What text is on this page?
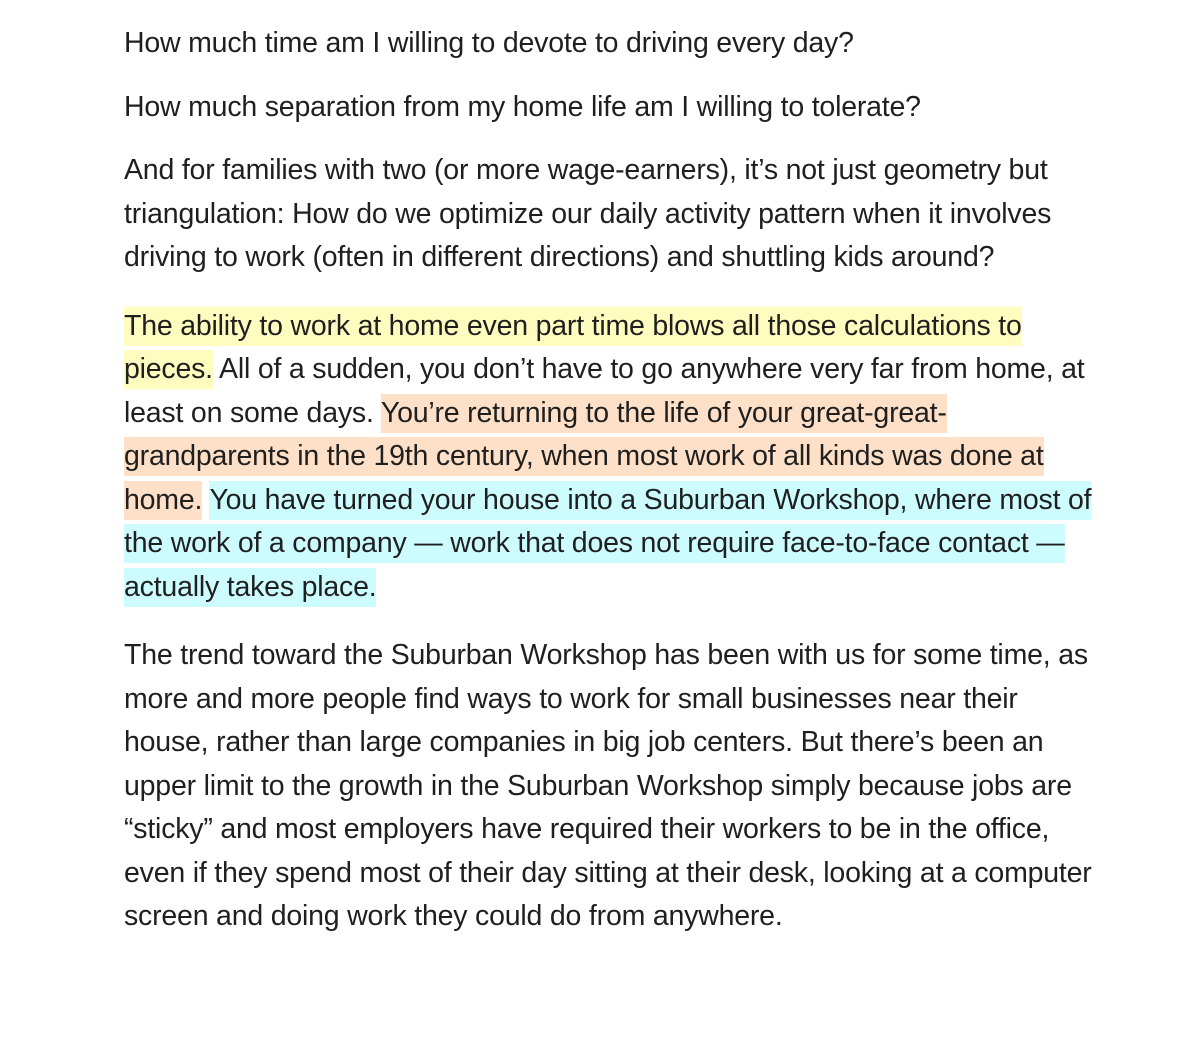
How much time am I willing to devote to driving every day?

How much separation from my home life am I willing to tolerate?

And for families with two (or more wage-earners), it’s not just geometry but triangulation: How do we optimize our daily activity pattern when it involves driving to work (often in different directions) and shuttling kids around?

The ability to work at home even part time blows all those calculations to pieces. All of a sudden, you don’t have to go anywhere very far from home, at least on some days. You’re returning to the life of your great-great-grandparents in the 19th century, when most work of all kinds was done at home. You have turned your house into a Suburban Workshop, where most of the work of a company — work that does not require face-to-face contact — actually takes place.

The trend toward the Suburban Workshop has been with us for some time, as more and more people find ways to work for small businesses near their house, rather than large companies in big job centers. But there’s been an upper limit to the growth in the Suburban Workshop simply because jobs are “sticky” and most employers have required their workers to be in the office, even if they spend most of their day sitting at their desk, looking at a computer screen and doing work they could do from anywhere.
